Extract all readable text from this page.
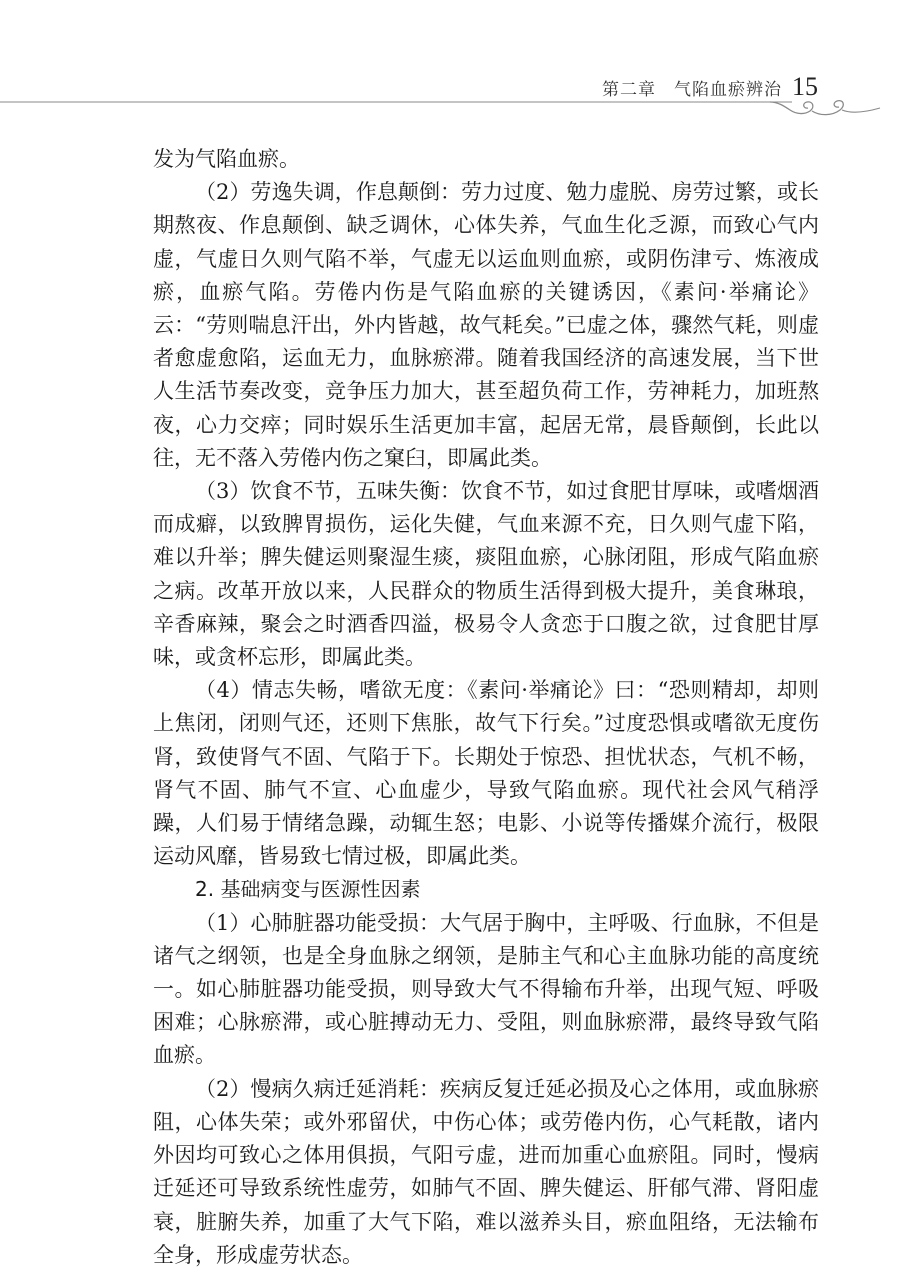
第二章　气陷血瘀辨治 15

发为气陷血瘀。

（2）劳逸失调，作息颠倒：劳力过度、勉力虚脱、房劳过繁，或长期熬夜、作息颠倒、缺乏调休，心体失养，气血生化乏源，而致心气内虚，气虚日久则气陷不举，气虚无以运血则血瘀，或阴伤津亏、炼液成瘀，血瘀气陷。劳倦内伤是气陷血瘀的关键诱因，《素问·举痛论》云：“劳则喘息汗出，外内皆越，故气耗矣。”已虚之体，骤然气耗，则虚者愈虚愈陷，运血无力，血脉瘀滞。随着我国经济的高速发展，当下世人生活节奏改变，竞争压力加大，甚至超负荷工作，劳神耗力，加班熬夜，心力交瘁；同时娱乐生活更加丰富，起居无常，晨昏颠倒，长此以往，无不落入劳倦内伤之窠臼，即属此类。

（3）饮食不节，五味失衡：饮食不节，如过食肥甘厚味，或嗜烟酒而成癖，以致脾胃损伤，运化失健，气血来源不充，日久则气虚下陷，难以升举；脾失健运则聚湿生痰，痰阻血瘀，心脉闭阻，形成气陷血瘀之病。改革开放以来，人民群众的物质生活得到极大提升，美食琳琅，辛香麻辣，聚会之时酒香四溢，极易令人贪恋于口腹之欲，过食肥甘厚味，或贪杯忘形，即属此类。

（4）情志失畅，嗜欲无度：《素问·举痛论》曰：“恐则精却，却则上焦闭，闭则气还，还则下焦胀，故气下行矣。”过度恐惧或嗜欲无度伤肾，致使肾气不固、气陷于下。长期处于惊恐、担忧状态，气机不畅，肾气不固、肺气不宣、心血虚少，导致气陷血瘀。现代社会风气稍浮躁，人们易于情绪急躁，动辄生怒；电影、小说等传播媒介流行，极限运动风靡，皆易致七情过极，即属此类。

2. 基础病变与医源性因素

（1）心肺脏器功能受损：大气居于胸中，主呼吸、行血脉，不但是诸气之纲领，也是全身血脉之纲领，是肺主气和心主血脉功能的高度统一。如心肺脏器功能受损，则导致大气不得输布升举，出现气短、呼吸困难；心脉瘀滞，或心脏搏动无力、受阻，则血脉瘀滞，最终导致气陷血瘀。

（2）慢病久病迁延消耗：疾病反复迁延必损及心之体用，或血脉瘀阻，心体失荣；或外邪留伏，中伤心体；或劳倦内伤，心气耗散，诸内外因均可致心之体用俱损，气阳亏虚，进而加重心血瘀阻。同时，慢病迁延还可导致系统性虚劳，如肺气不固、脾失健运、肝郁气滞、肾阳虚衰，脏腑失养，加重了大气下陷，难以滋养头目，瘀血阻络，无法输布全身，形成虚劳状态。
